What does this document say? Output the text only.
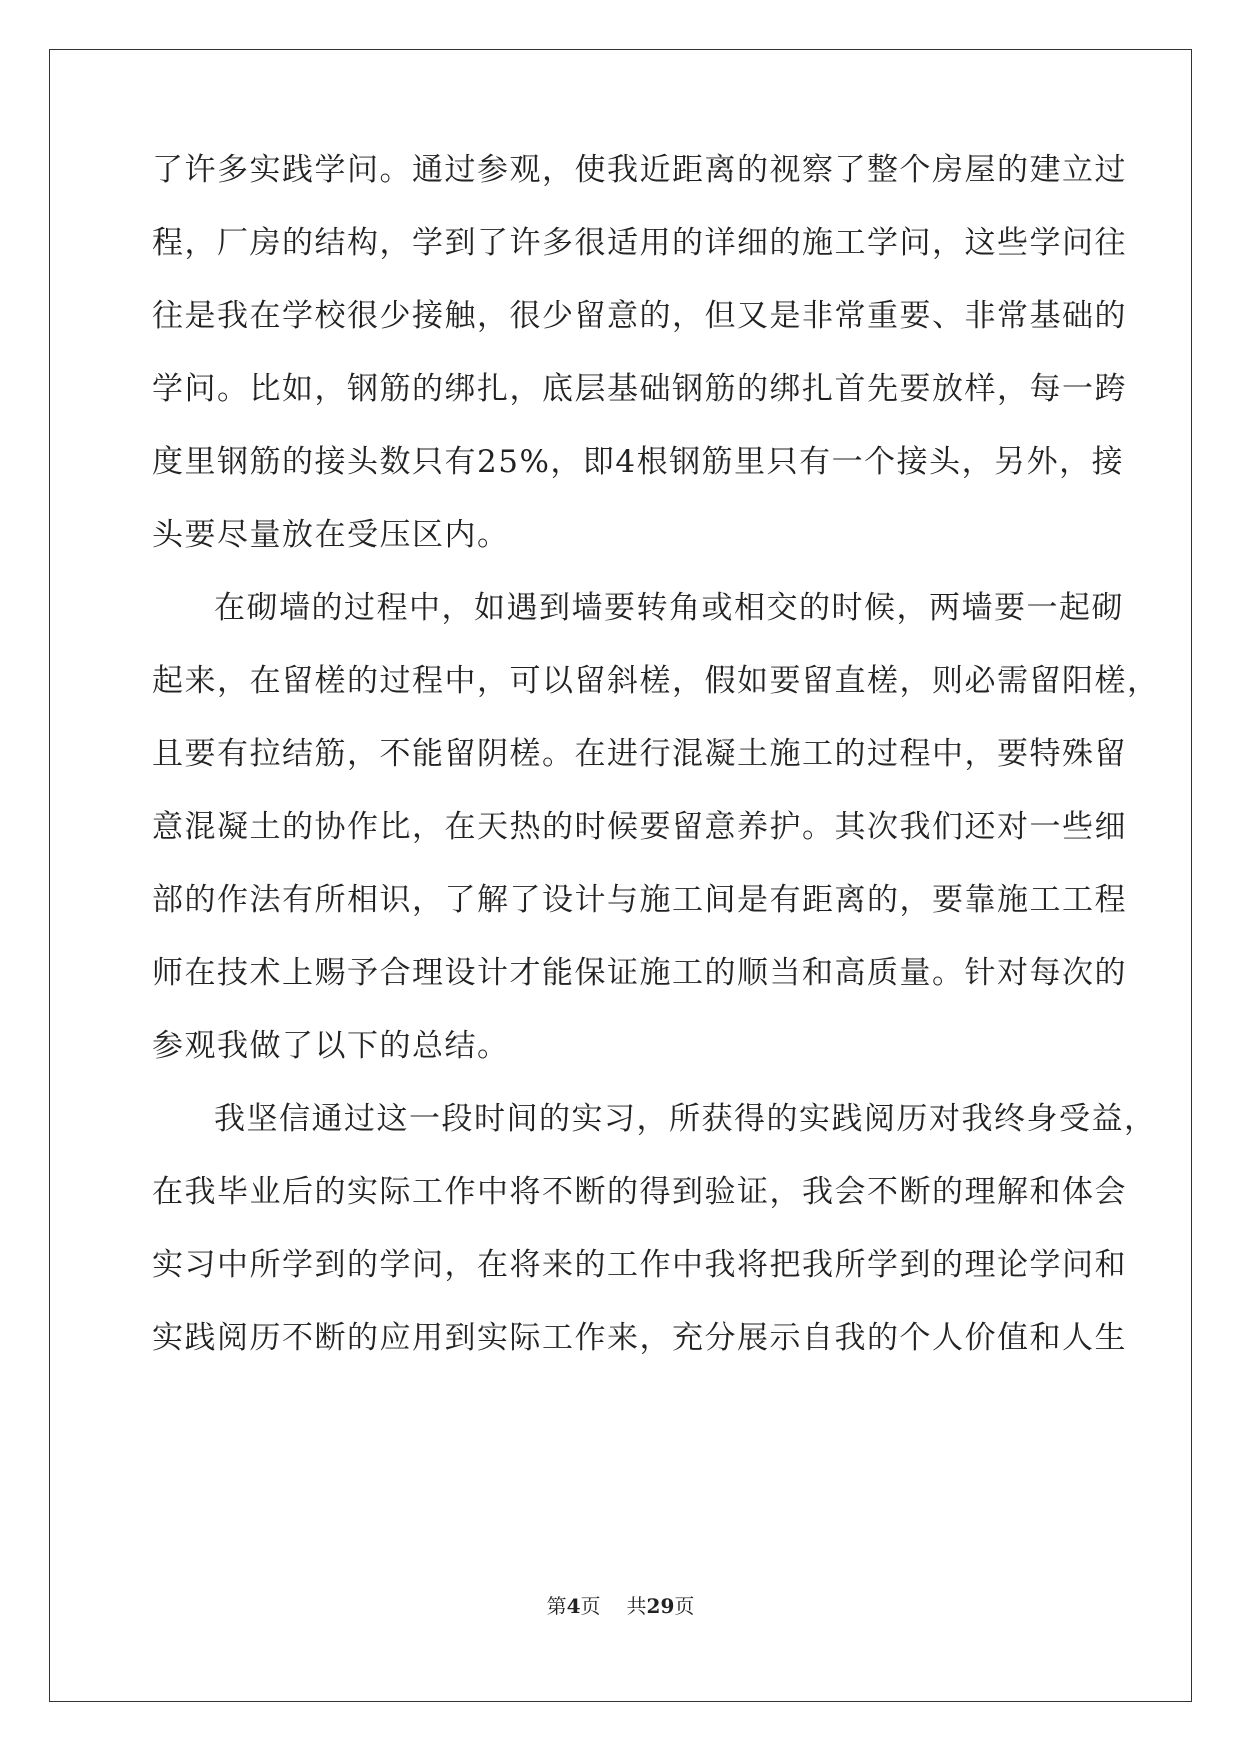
了许多实践学问。通过参观，使我近距离的视察了整个房屋的建立过
程，厂房的结构，学到了许多很适用的详细的施工学问，这些学问往
往是我在学校很少接触，很少留意的，但又是非常重要、非常基础的
学问。比如，钢筋的绑扎，底层基础钢筋的绑扎首先要放样，每一跨
度里钢筋的接头数只有25%，即4根钢筋里只有一个接头，另外，接
头要尽量放在受压区内。
在砌墙的过程中，如遇到墙要转角或相交的时候，两墙要一起砌
起来，在留槎的过程中，可以留斜槎，假如要留直槎，则必需留阳槎，
且要有拉结筋，不能留阴槎。在进行混凝土施工的过程中，要特殊留
意混凝土的协作比，在天热的时候要留意养护。其次我们还对一些细
部的作法有所相识，了解了设计与施工间是有距离的，要靠施工工程
师在技术上赐予合理设计才能保证施工的顺当和高质量。针对每次的
参观我做了以下的总结。
我坚信通过这一段时间的实习，所获得的实践阅历对我终身受益，
在我毕业后的实际工作中将不断的得到验证，我会不断的理解和体会
实习中所学到的学问，在将来的工作中我将把我所学到的理论学问和
实践阅历不断的应用到实际工作来，充分展示自我的个人价值和人生
第4页 共29页
